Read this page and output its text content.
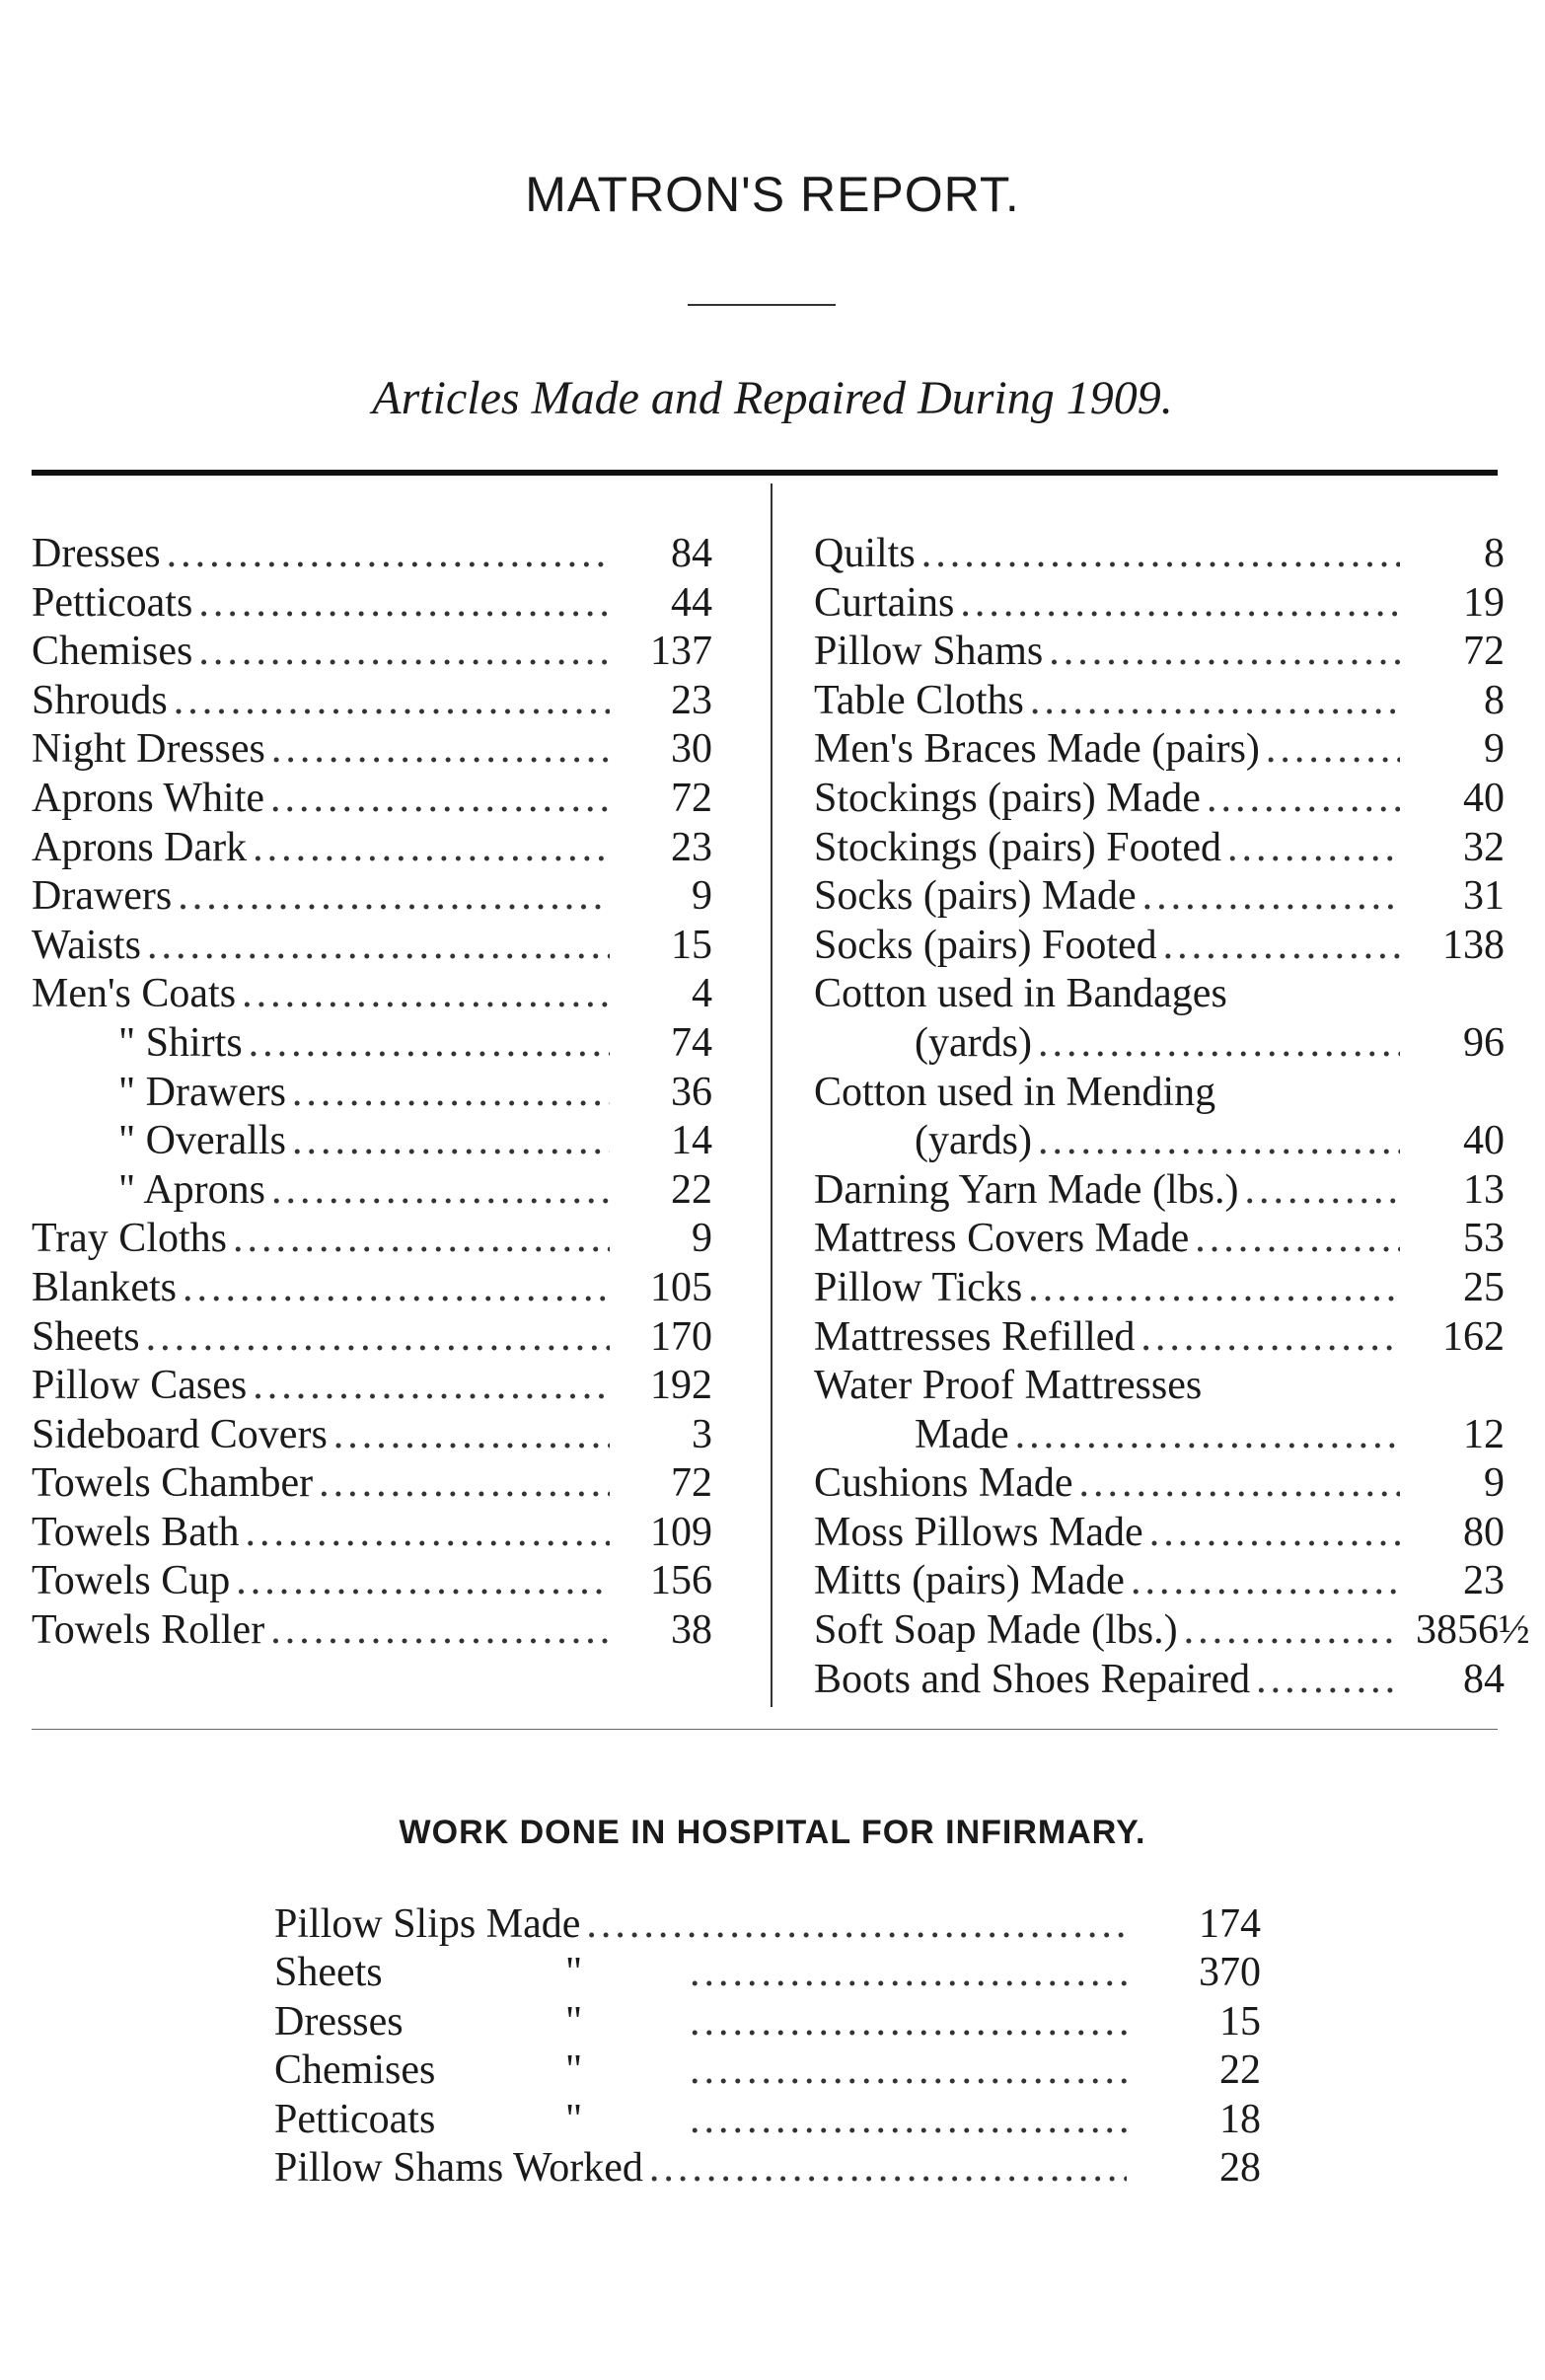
MATRON'S REPORT.
Articles Made and Repaired During 1909.
Dresses .....	84
Petticoats .....	44
Chemises .....	137
Shrouds .....	23
Night Dresses .....	30
Aprons White .....	72
Aprons Dark .....	23
Drawers .....	9
Waists .....	15
Men's Coats .....	4
" Shirts .....	74
" Drawers .....	36
" Overalls .....	14
" Aprons .....	22
Tray Cloths .....	9
Blankets .....	105
Sheets .....	170
Pillow Cases .....	192
Sideboard Covers .....	3
Towels Chamber .....	72
Towels Bath .....	109
Towels Cup .....	156
Towels Roller .....	38
Quilts .....	8
Curtains .....	19
Pillow Shams .....	72
Table Cloths .....	8
Men's Braces Made (pairs) .....	9
Stockings (pairs) Made .....	40
Stockings (pairs) Footed .....	32
Socks (pairs) Made .....	31
Socks (pairs) Footed .....	138
Cotton used in Bandages
(yards) .....	96
Cotton used in Mending
(yards) .....	40
Darning Yarn Made (lbs.) .....	13
Mattress Covers Made .....	53
Pillow Ticks .....	25
Mattresses Refilled .....	162
Water Proof Mattresses
Made .....	12
Cushions Made .....	9
Moss Pillows Made .....	80
Mitts (pairs) Made .....	23
Soft Soap Made (lbs.) .....	3856½
Boots and Shoes Repaired .....	84
WORK DONE IN HOSPITAL FOR INFIRMARY.
Pillow Slips Made .....	174
Sheets	" .....	370
Dresses	" .....	15
Chemises	" .....	22
Petticoats	" .....	18
Pillow Shams Worked .....	28
